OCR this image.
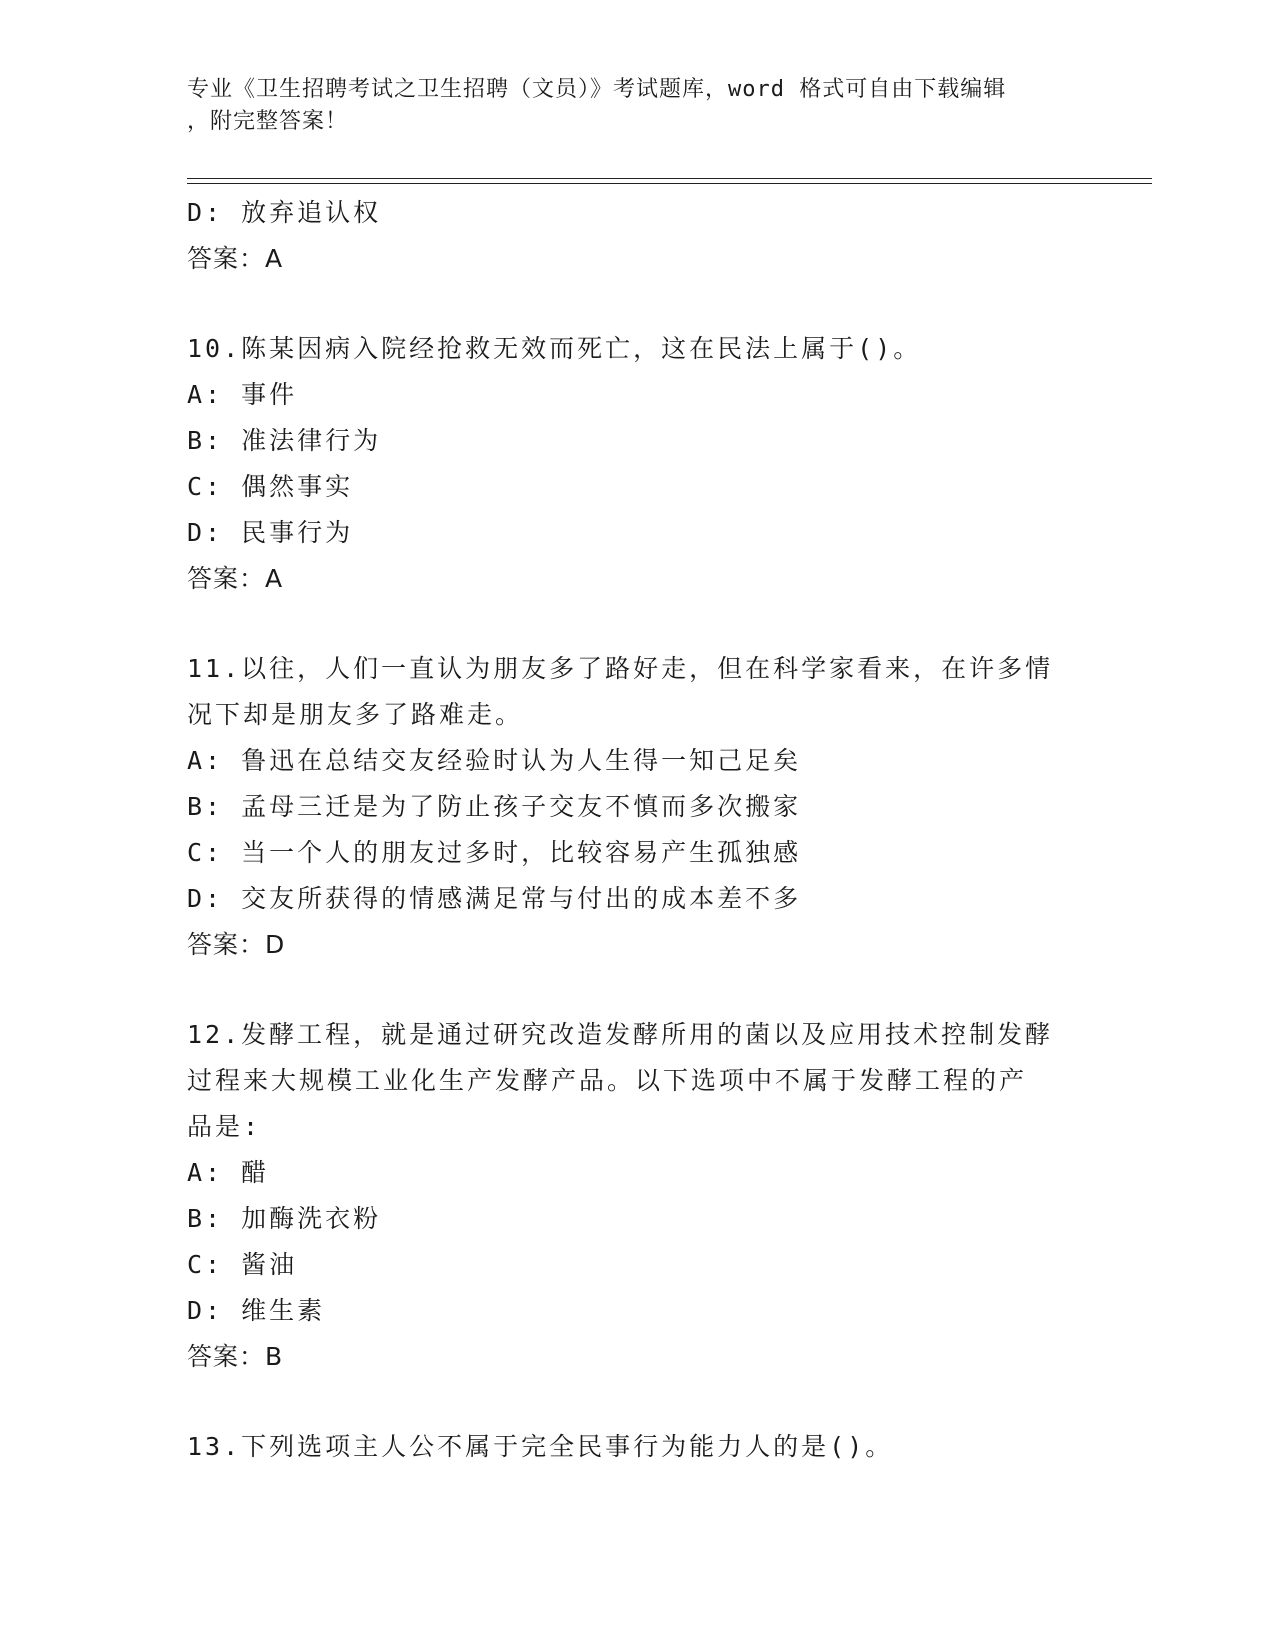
专业《卫生招聘考试之卫生招聘（文员）》考试题库，word 格式可自由下载编辑
，附完整答案！
D: 放弃追认权
答案：A
10.陈某因病入院经抢救无效而死亡，这在民法上属于()。
A: 事件
B: 准法律行为
C: 偶然事实
D: 民事行为
答案：A
11.以往，人们一直认为朋友多了路好走，但在科学家看来，在许多情
况下却是朋友多了路难走。
A: 鲁迅在总结交友经验时认为人生得一知己足矣
B: 孟母三迁是为了防止孩子交友不慎而多次搬家
C: 当一个人的朋友过多时，比较容易产生孤独感
D: 交友所获得的情感满足常与付出的成本差不多
答案：D
12.发酵工程，就是通过研究改造发酵所用的菌以及应用技术控制发酵
过程来大规模工业化生产发酵产品。以下选项中不属于发酵工程的产
品是:
A: 醋
B: 加酶洗衣粉
C: 酱油
D: 维生素
答案：B
13.下列选项主人公不属于完全民事行为能力人的是()。
